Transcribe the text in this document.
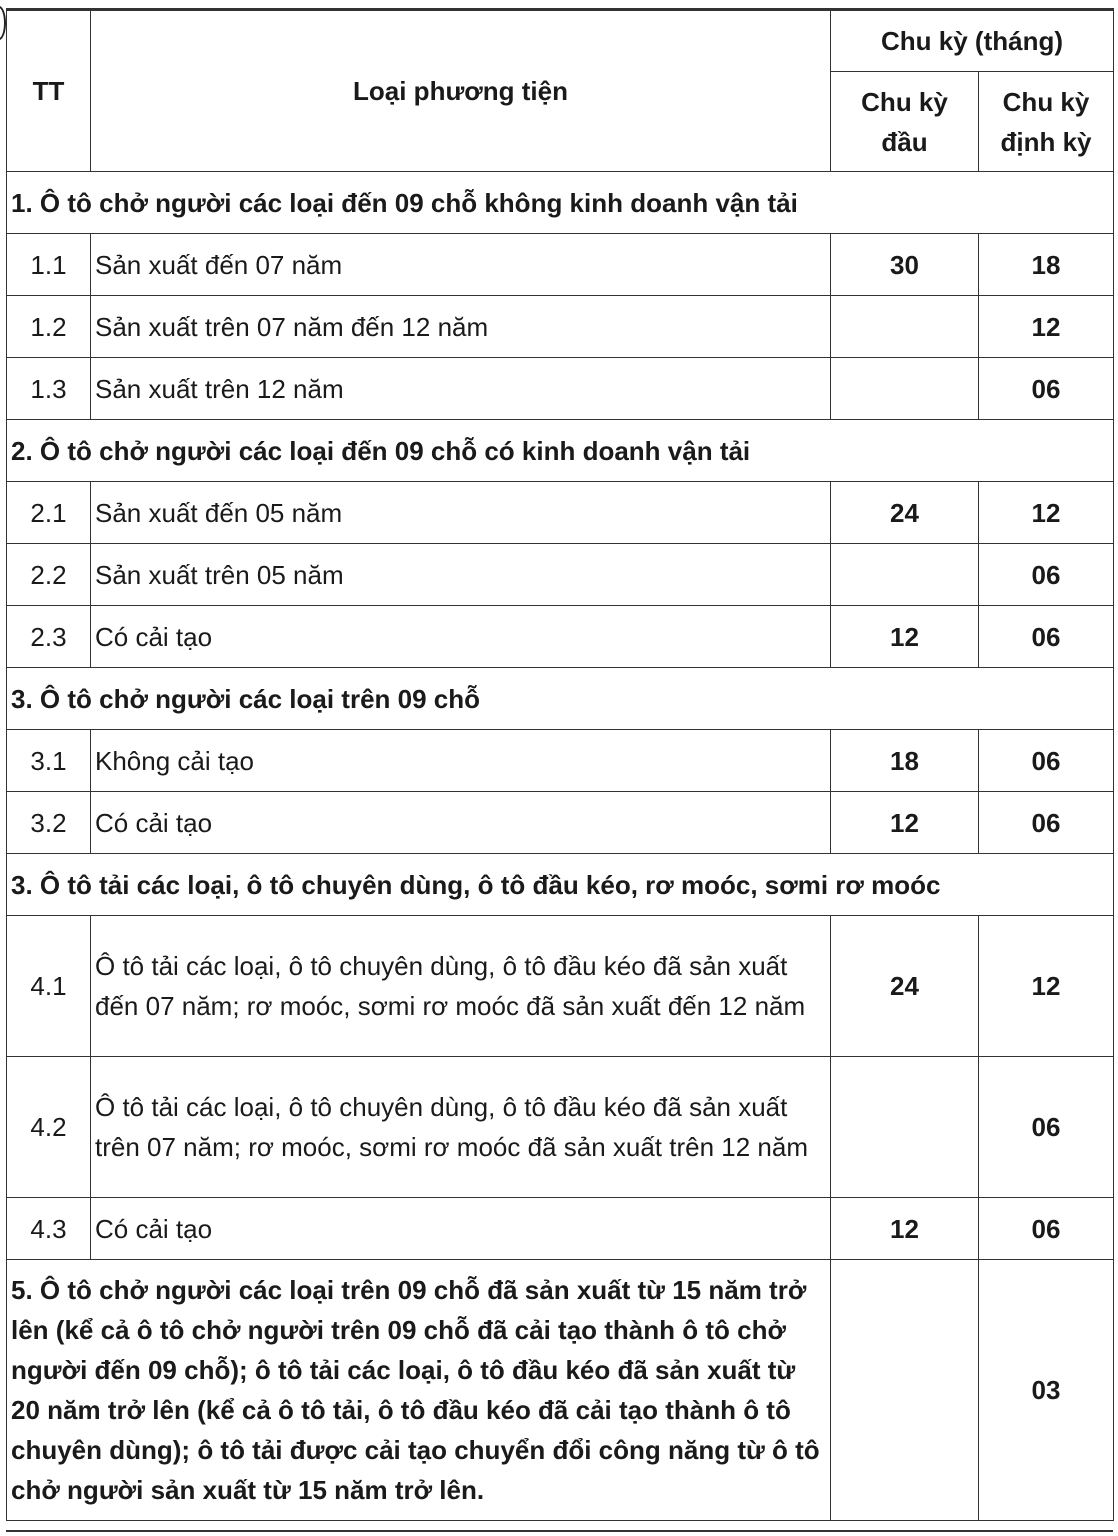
TT	Loại phương tiện	Chu kỳ (tháng)	
		Chu kỳ đầu	Chu kỳ định kỳ
1. Ô tô chở người các loại đến 09 chỗ không kinh doanh vận tải			
1.1	Sản xuất đến 07 năm	30	18
1.2	Sản xuất trên 07 năm đến 12 năm		12
1.3	Sản xuất trên 12 năm		06
2. Ô tô chở người các loại đến 09 chỗ có kinh doanh vận tải			
2.1	Sản xuất đến 05 năm	24	12
2.2	Sản xuất trên 05 năm		06
2.3	Có cải tạo	12	06
3. Ô tô chở người các loại trên 09 chỗ			
3.1	Không cải tạo	18	06
3.2	Có cải tạo	12	06
3. Ô tô tải các loại, ô tô chuyên dùng, ô tô đầu kéo, rơ moóc, sơmi rơ moóc			
4.1	Ô tô tải các loại, ô tô chuyên dùng, ô tô đầu kéo đã sản xuất đến 07 năm; rơ moóc, sơmi rơ moóc đã sản xuất đến 12 năm	24	12
4.2	Ô tô tải các loại, ô tô chuyên dùng, ô tô đầu kéo đã sản xuất trên 07 năm; rơ moóc, sơmi rơ moóc đã sản xuất trên 12 năm		06
4.3	Có cải tạo	12	06
5. Ô tô chở người các loại trên 09 chỗ đã sản xuất từ 15 năm trở lên (kể cả ô tô chở người trên 09 chỗ đã cải tạo thành ô tô chở người đến 09 chỗ); ô tô tải các loại, ô tô đầu kéo đã sản xuất từ 20 năm trở lên (kể cả ô tô tải, ô tô đầu kéo đã cải tạo thành ô tô chuyên dùng); ô tô tải được cải tạo chuyển đổi công năng từ ô tô chở người sản xuất từ 15 năm trở lên.			03
